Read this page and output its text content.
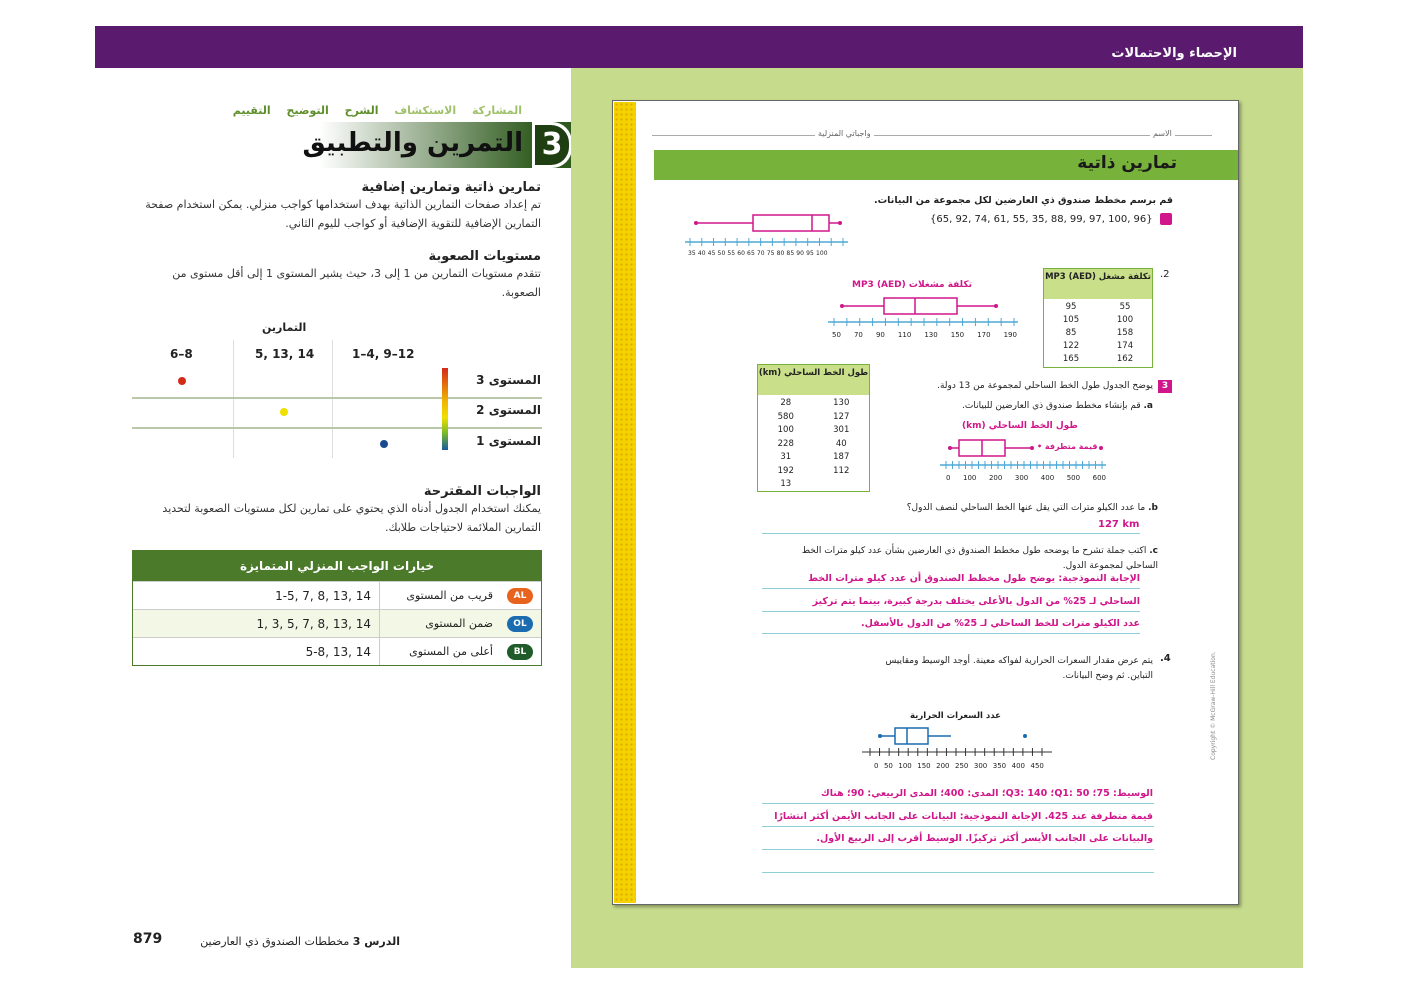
الإحصاء والاحتمالات
المشاركة الاستكشاف الشرح التوضيح التقييم
3
التمرين والتطبيق
تمارين ذاتية وتمارين إضافية
تم إعداد صفحات التمارين الذاتية بهدف استخدامها كواجب منزلي. يمكن استخدام صفحة التمارين الإضافية للتقوية الإضافية أو كواجب لليوم الثاني.
مستويات الصعوبة
تتقدم مستويات التمارين من 1 إلى 3، حيث يشير المستوى 1 إلى أقل مستوى من الصعوبة.
التمارين
1–4, 9–12
5, 13, 14
6–8
المستوى 3
المستوى 2
المستوى 1
الواجبات المقترحة
يمكنك استخدام الجدول أدناه الذي يحتوي على تمارين لكل مستويات الصعوبة لتحديد التمارين الملائمة لاحتياجات طلابك.
خيارات الواجب المنزلي المتمايزة
AL
قريب من المستوى
1-5, 7, 8, 13, 14
OL
ضمن المستوى
1, 3, 5, 7, 8, 13, 14
BL
أعلى من المستوى
5-8, 13, 14
879	الدرس 3 مخططات الصندوق ذي العارضين
الاسم
واجباتي المنزلية
تمارين ذاتية
قم برسم مخطط صندوق ذي العارضين لكل مجموعة من البيانات.
{65, 92, 74, 61, 55, 35, 88, 99, 97, 100, 96}
35 40 45 50 55 60 65 70 75 80 85 90 95 100
.2
تكلفة مشغل MP3 (AED)
95
105
85
122
165
55
100
158
174
162
تكلفة مشغلات MP3 (AED)
50 70 90 110 130 150 170 190
طول الخط الساحلي (km)
28
580
100
228
31
192
13
130
127
301
40
187
112
3
يوضح الجدول طول الخط الساحلي لمجموعة من 13 دولة.
a. قم بإنشاء مخطط صندوق ذي العارضين للبيانات.
طول الخط الساحلي (km)
قيمة متطرفة •
0 100 200 300 400 500 600
b. ما عدد الكيلو مترات التي يقل عنها الخط الساحلي لنصف الدول؟
127 km
c. اكتب جملة تشرح ما يوضحه طول مخطط الصندوق ذي العارضين بشأن عدد كيلو مترات الخط الساحلي لمجموعة الدول.
الإجابة النموذجية: يوضح طول مخطط الصندوق أن عدد كيلو مترات الخط
الساحلي لـ 25% من الدول بالأعلى يختلف بدرجة كبيرة، بينما يتم تركيز
عدد الكيلو مترات للخط الساحلي لـ 25% من الدول بالأسفل.
.4
يتم عرض مقدار السعرات الحرارية لفواكه معينة. أوجد الوسيط ومقاييس التباين. ثم وضح البيانات.
عدد السعرات الحرارية
0 50 100 150 200 250 300 350 400 450
الوسيط: 75؛ Q1: 50؛ Q3: 140؛ المدى: 400؛ المدى الربيعي: 90؛ هناك
قيمة متطرفة عند 425. الإجابة النموذجية: البيانات على الجانب الأيمن أكثر انتشارًا
والبيانات على الجانب الأيسر أكثر تركيزًا. الوسيط أقرب إلى الربيع الأول.
Copyright © McGraw-Hill Education.
